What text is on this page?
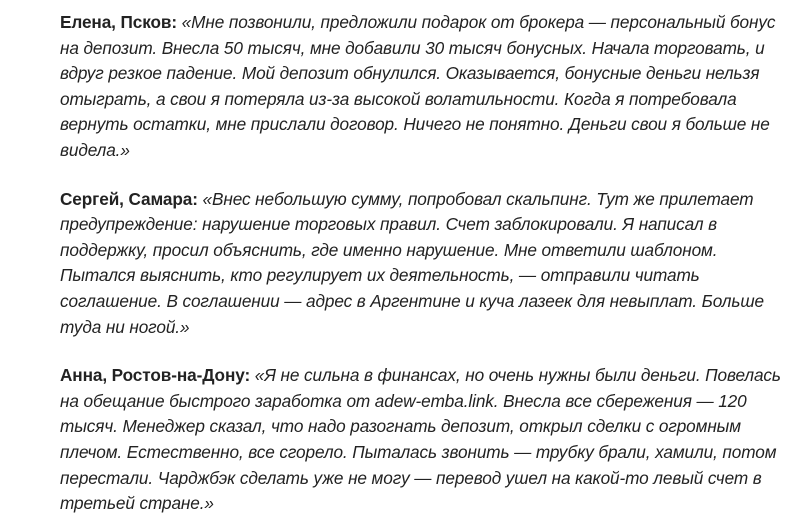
Елена, Псков: «Мне позвонили, предложили подарок от брокера — персональный бонус на депозит. Внесла 50 тысяч, мне добавили 30 тысяч бонусных. Начала торговать, и вдруг резкое падение. Мой депозит обнулился. Оказывается, бонусные деньги нельзя отыграть, а свои я потеряла из-за высокой волатильности. Когда я потребовала вернуть остатки, мне прислали договор. Ничего не понятно. Деньги свои я больше не видела.»

Сергей, Самара: «Внес небольшую сумму, попробовал скальпинг. Тут же прилетает предупреждение: нарушение торговых правил. Счет заблокировали. Я написал в поддержку, просил объяснить, где именно нарушение. Мне ответили шаблоном. Пытался выяснить, кто регулирует их деятельность, — отправили читать соглашение. В соглашении — адрес в Аргентине и куча лазеек для невыплат. Больше туда ни ногой.»

Анна, Ростов-на-Дону: «Я не сильна в финансах, но очень нужны были деньги. Повелась на обещание быстрого заработка от adew-emba.link. Внесла все сбережения — 120 тысяч. Менеджер сказал, что надо разогнать депозит, открыл сделки с огромным плечом. Естественно, все сгорело. Пыталась звонить — трубку брали, хамили, потом перестали. Чарджбэк сделать уже не могу — перевод ушел на какой-то левый счет в третьей стране.»
